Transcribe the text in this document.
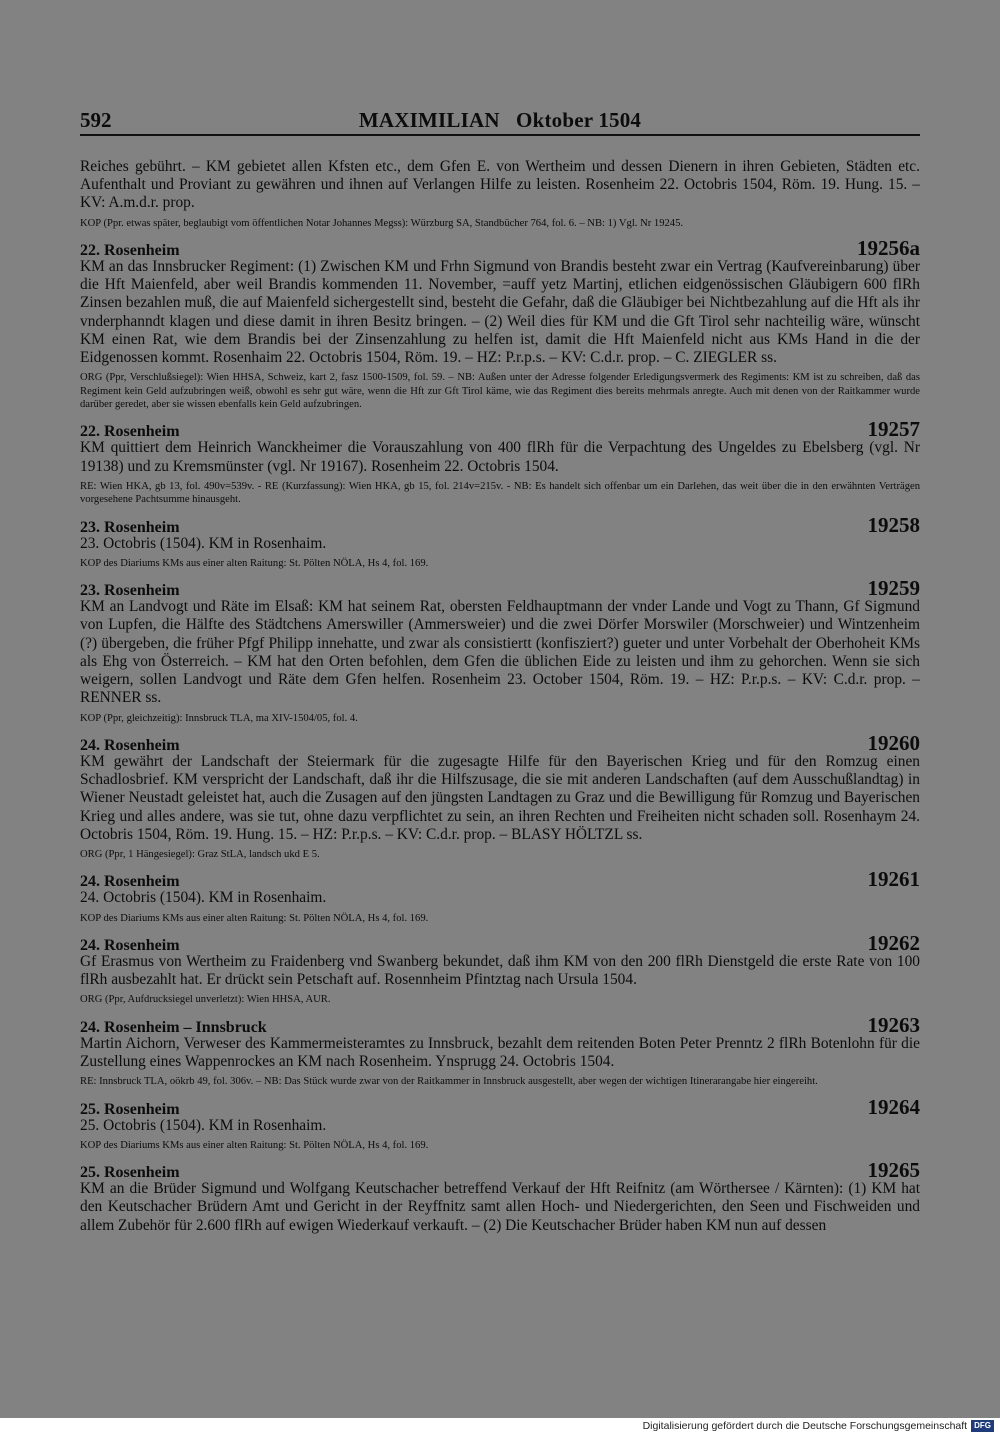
592	MAXIMILIAN   Oktober 1504

Reiches gebührt. – KM gebietet allen Kfsten etc., dem Gfen E. von Wertheim und dessen Dienern in ihren Gebieten, Städten etc. Aufenthalt und Proviant zu gewähren und ihnen auf Verlangen Hilfe zu leisten. Rosenheim 22. Octobris 1504, Röm. 19. Hung. 15. – KV: A.m.d.r. prop.

KOP (Ppr. etwas später, beglaubigt vom öffentlichen Notar Johannes Megss): Würzburg SA, Standbücher 764, fol. 6. – NB: 1) Vgl. Nr 19245.

22. Rosenheim	19256a

KM an das Innsbrucker Regiment: (1) Zwischen KM und Frhn Sigmund von Brandis besteht zwar ein Vertrag (Kaufvereinbarung) über die Hft Maienfeld, aber weil Brandis kommenden 11. November, =auff yetz Martinj, etlichen eidgenössischen Gläubigern 600 flRh Zinsen bezahlen muß, die auf Maienfeld sichergestellt sind, besteht die Gefahr, daß die Gläubiger bei Nichtbezahlung auf die Hft als ihr vnderphanndt klagen und diese damit in ihren Besitz bringen. – (2) Weil dies für KM und die Gft Tirol sehr nachteilig wäre, wünscht KM einen Rat, wie dem Brandis bei der Zinsenzahlung zu helfen ist, damit die Hft Maienfeld nicht aus KMs Hand in die der Eidgenossen kommt. Rosenhaim 22. Octobris 1504, Röm. 19. – HZ: P.r.p.s. – KV: C.d.r. prop. – C. ZIEGLER ss.

ORG (Ppr, Verschlußsiegel): Wien HHSA, Schweiz, kart 2, fasz 1500-1509, fol. 59. – NB: Außen unter der Adresse folgender Erledigungsvermerk des Regiments: KM ist zu schreiben, daß das Regiment kein Geld aufzubringen weiß, obwohl es sehr gut wäre, wenn die Hft zur Gft Tirol käme, wie das Regiment dies bereits mehrmals anregte. Auch mit denen von der Raitkammer wurde darüber geredet, aber sie wissen ebenfalls kein Geld aufzubringen.

22. Rosenheim	19257

KM quittiert dem Heinrich Wanckheimer die Vorauszahlung von 400 flRh für die Verpachtung des Ungeldes zu Ebelsberg (vgl. Nr 19138) und zu Kremsmünster (vgl. Nr 19167). Rosenheim 22. Octobris 1504.

RE: Wien HKA, gb 13, fol. 490v=539v. - RE (Kurzfassung): Wien HKA, gb 15, fol. 214v=215v. - NB: Es handelt sich offenbar um ein Darlehen, das weit über die in den erwähnten Verträgen vorgesehene Pachtsumme hinausgeht.

23. Rosenheim	19258

23. Octobris (1504). KM in Rosenhaim.

KOP des Diariums KMs aus einer alten Raitung: St. Pölten NÖLA, Hs 4, fol. 169.

23. Rosenheim	19259

KM an Landvogt und Räte im Elsaß: KM hat seinem Rat, obersten Feldhauptmann der vnder Lande und Vogt zu Thann, Gf Sigmund von Lupfen, die Hälfte des Städtchens Amerswiller (Ammersweier) und die zwei Dörfer Morswiler (Morschweier) und Wintzenheim (?) übergeben, die früher Pfgf Philipp innehatte, und zwar als consistiertt (konfisziert?) gueter und unter Vorbehalt der Oberhoheit KMs als Ehg von Österreich. – KM hat den Orten befohlen, dem Gfen die üblichen Eide zu leisten und ihm zu gehorchen. Wenn sie sich weigern, sollen Landvogt und Räte dem Gfen helfen. Rosenheim 23. October 1504, Röm. 19. – HZ: P.r.p.s. – KV: C.d.r. prop. – RENNER ss.

KOP (Ppr, gleichzeitig): Innsbruck TLA, ma XIV-1504/05, fol. 4.

24. Rosenheim	19260

KM gewährt der Landschaft der Steiermark für die zugesagte Hilfe für den Bayerischen Krieg und für den Romzug einen Schadlosbrief. KM verspricht der Landschaft, daß ihr die Hilfszusage, die sie mit anderen Landschaften (auf dem Ausschußlandtag) in Wiener Neustadt geleistet hat, auch die Zusagen auf den jüngsten Landtagen zu Graz und die Bewilligung für Romzug und Bayerischen Krieg und alles andere, was sie tut, ohne dazu verpflichtet zu sein, an ihren Rechten und Freiheiten nicht schaden soll. Rosenhaym 24. Octobris 1504, Röm. 19. Hung. 15. – HZ: P.r.p.s. – KV: C.d.r. prop. – BLASY HÖLTZL ss.

ORG (Ppr, 1 Hängesiegel): Graz StLA, landsch ukd E 5.

24. Rosenheim	19261

24. Octobris (1504). KM in Rosenhaim.

KOP des Diariums KMs aus einer alten Raitung: St. Pölten NÖLA, Hs 4, fol. 169.

24. Rosenheim	19262

Gf Erasmus von Wertheim zu Fraidenberg vnd Swanberg bekundet, daß ihm KM von den 200 flRh Dienstgeld die erste Rate von 100 flRh ausbezahlt hat. Er drückt sein Petschaft auf. Rosennheim Pfintztag nach Ursula 1504.

ORG (Ppr, Aufdrucksiegel unverletzt): Wien HHSA, AUR.

24. Rosenheim – Innsbruck	19263

Martin Aichorn, Verweser des Kammermeisteramtes zu Innsbruck, bezahlt dem reitenden Boten Peter Prenntz 2 flRh Botenlohn für die Zustellung eines Wappenrockes an KM nach Rosenheim. Ynsprugg 24. Octobris 1504.

RE: Innsbruck TLA, oökrb 49, fol. 306v. – NB: Das Stück wurde zwar von der Raitkammer in Innsbruck ausgestellt, aber wegen der wichtigen Itinerarangabe hier eingereiht.

25. Rosenheim	19264

25. Octobris (1504). KM in Rosenhaim.

KOP des Diariums KMs aus einer alten Raitung: St. Pölten NÖLA, Hs 4, fol. 169.

25. Rosenheim	19265

KM an die Brüder Sigmund und Wolfgang Keutschacher betreffend Verkauf der Hft Reifnitz (am Wörthersee / Kärnten): (1) KM hat den Keutschacher Brüdern Amt und Gericht in der Reyffnitz samt allen Hoch- und Niedergerichten, den Seen und Fischweiden und allem Zubehör für 2.600 flRh auf ewigen Wiederkauf verkauft. – (2) Die Keutschacher Brüder haben KM nun auf dessen

Digitalisierung gefördert durch die Deutsche Forschungsgemeinschaft DFG
